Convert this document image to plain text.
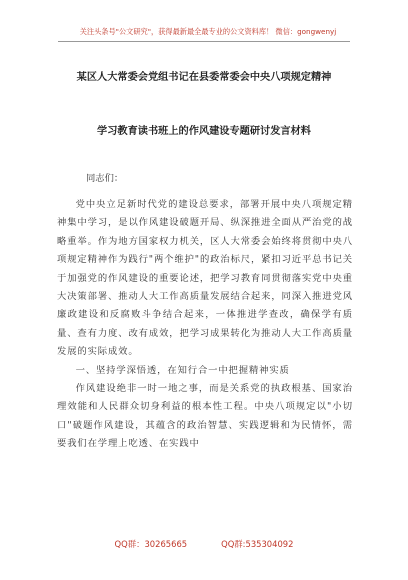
关注头条号"公文研究"，获得最新最全最专业的公文资料库！ 微信：gongwenyj
某区人大常委会党组书记在县委常委会中央八项规定精神
学习教育读书班上的作风建设专题研讨发言材料
同志们：

党中央立足新时代党的建设总要求，部署开展中央八项规定精神集中学习，是以作风建设破题开局、纵深推进全面从严治党的战略重举。作为地方国家权力机关，区人大常委会始终将贯彻中央八项规定精神作为践行"两个维护"的政治标尺，紧扣习近平总书记关于加强党的作风建设的重要论述，把学习教育同贯彻落实党中央重大决策部署、推动人大工作高质量发展结合起来，同深入推进党风廉政建设和反腐败斗争结合起来，一体推进学查改，确保学有质量、查有力度、改有成效，把学习成果转化为推动人大工作高质量发展的实际成效。

一、坚持学深悟透，在知行合一中把握精神实质

作风建设绝非一时一地之事，而是关系党的执政根基、国家治理效能和人民群众切身利益的根本性工程。中央八项规定以"小切口"破题作风建设，其蕴含的政治智慧、实践逻辑和为民情怀，需要我们在学理上吃透、在实践中

QQ群：30265665	QQ群:535304092
